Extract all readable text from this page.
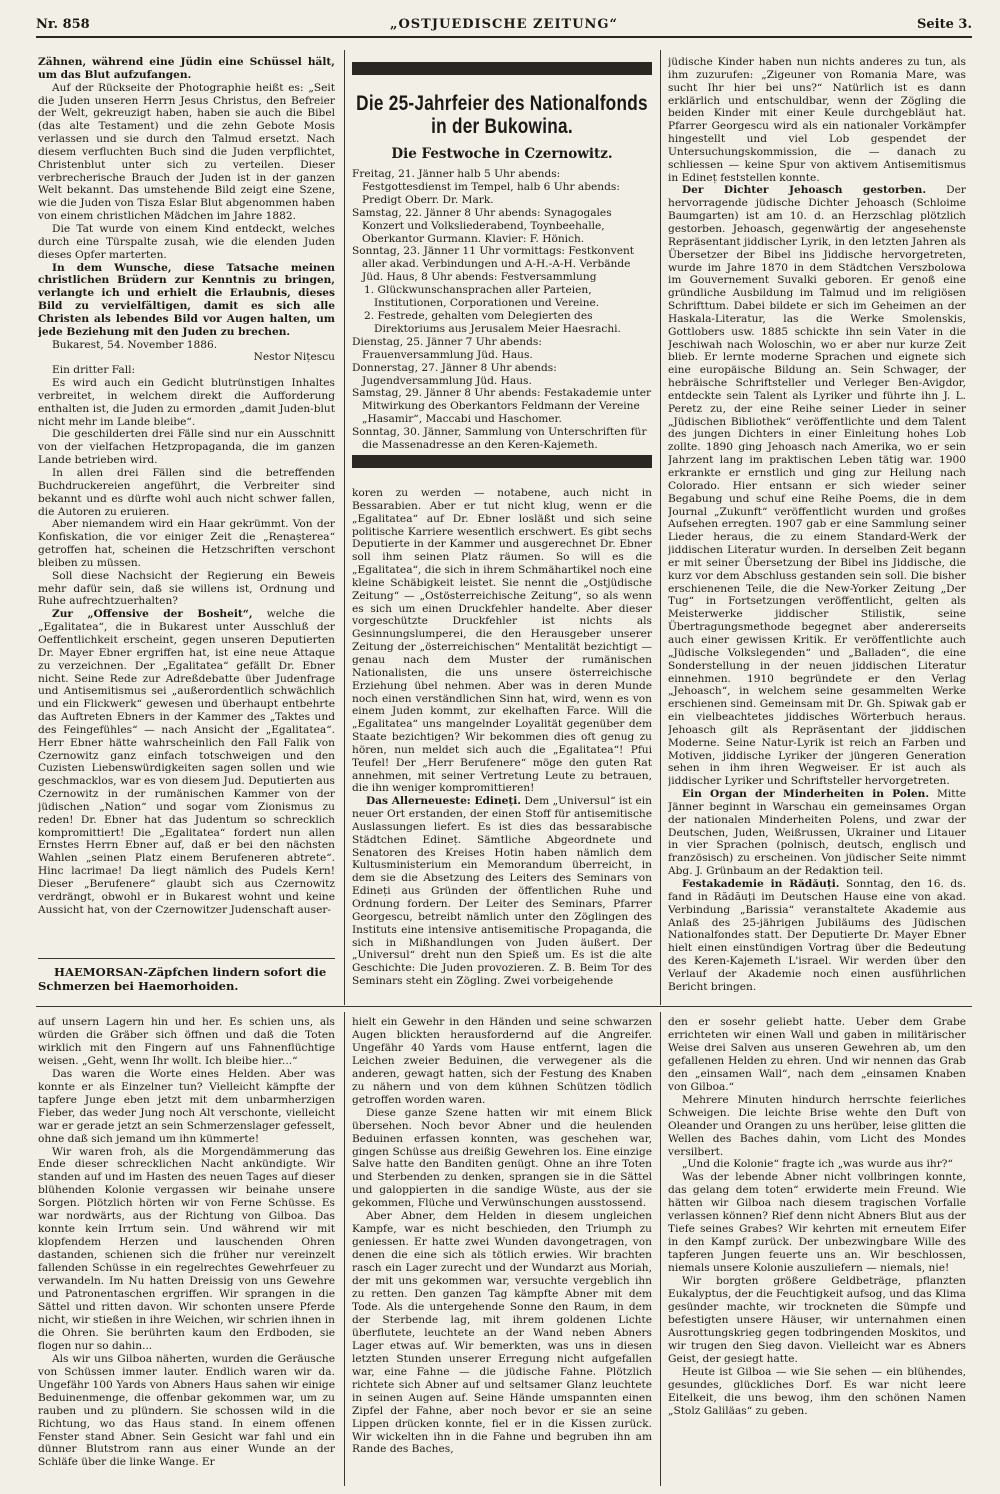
Nr. 858	„OSTJUEDISCHE ZEITUNG“	Seite 3.

Zähnen, während eine Jüdin eine Schüssel hält, um das Blut aufzufangen.

Auf der Rückseite der Photographie heißt es: „Seit die Juden unseren Herrn Jesus Christus, den Befreier der Welt, gekreuzigt haben, haben sie auch die Bibel (das alte Testament) und die zehn Gebote Mosis verlassen und sie durch den Talmud ersetzt. Nach diesem verfluchten Buch sind die Juden verpflichtet, Christenblut unter sich zu verteilen. Dieser verbrecherische Brauch der Juden ist in der ganzen Welt bekannt. Das umstehende Bild zeigt eine Szene, wie die Juden von Tisza Eslar Blut abgenommen haben von einem christlichen Mädchen im Jahre 1882.

Die Tat wurde von einem Kind entdeckt, welches durch eine Türspalte zusah, wie die elenden Juden dieses Opfer marterten.

In dem Wunsche, diese Tatsache meinen christlichen Brüdern zur Kenntnis zu bringen, verlangte ich und erhielt die Erlaubnis, dieses Bild zu vervielfältigen, damit es sich alle Christen als lebendes Bild vor Augen halten, um jede Beziehung mit den Juden zu brechen.

Bukarest, 54. November 1886.

Nestor Nițescu

Ein dritter Fall:

Es wird auch ein Gedicht blutrünstigen Inhaltes verbreitet, in welchem direkt die Aufforderung enthalten ist, die Juden zu ermorden „damit Juden-blut nicht mehr im Lande bleibe“.

Die geschilderten drei Fälle sind nur ein Ausschnitt von der vielfachen Hetzpropaganda, die im ganzen Lande betrieben wird.

In allen drei Fällen sind die betreffenden Buchdruckereien angeführt, die Verbreiter sind bekannt und es dürfte wohl auch nicht schwer fallen, die Autoren zu eruieren.

Aber niemandem wird ein Haar gekrümmt. Von der Konfiskation, die vor einiger Zeit die „Renașterea“ getroffen hat, scheinen die Hetzschriften verschont bleiben zu müssen.

Soll diese Nachsicht der Regierung ein Beweis mehr dafür sein, daß sie willens ist, Ordnung und Ruhe aufrechtzuerhalten?

Zur „Offensive der Bosheit“, welche die „Egalitatea“, die in Bukarest unter Ausschluß der Oeffentlichkeit erscheint, gegen unseren Deputierten Dr. Mayer Ebner ergriffen hat, ist eine neue Attaque zu verzeichnen. Der „Egalitatea“ gefällt Dr. Ebner nicht. Seine Rede zur Adreßdebatte über Judenfrage und Antisemitismus sei „außerordentlich schwächlich und ein Flickwerk“ gewesen und überhaupt entbehrte das Auftreten Ebners in der Kammer des „Taktes und des Feingefühles“ — nach Ansicht der „Egalitatea“. Herr Ebner hätte wahrscheinlich den Fall Falik von Czernowitz ganz einfach totschweigen und den Cuzisten Liebenswürdigkeiten sagen sollen und wie geschmacklos, war es von diesem Jud. Deputierten aus Czernowitz in der rumänischen Kammer von der jüdischen „Nation“ und sogar vom Zionismus zu reden! Dr. Ebner hat das Judentum so schrecklich kompromittiert! Die „Egalitatea“ fordert nun allen Ernstes Herrn Ebner auf, daß er bei den nächsten Wahlen „seinen Platz einem Berufeneren abtrete“. Hinc lacrimae! Da liegt nämlich des Pudels Kern! Dieser „Berufenere“ glaubt sich aus Czernowitz verdrängt, obwohl er in Bukarest wohnt und keine Aussicht hat, von der Czernowitzer Judenschaft auser-

HAEMORSAN-Zäpfchen lindern sofort die Schmerzen bei Haemorhoiden.
Die 25-Jahrfeier des Nationalfonds in der Bukowina.
Die Festwoche in Czernowitz.

Freitag, 21. Jänner halb 5 Uhr abends: Festgottesdienst im Tempel, halb 6 Uhr abends: Predigt Oberr. Dr. Mark.

Samstag, 22. Jänner 8 Uhr abends: Synagogales Konzert und Volksliederabend, Toynbeehalle, Oberkantor Gurmann. Klavier: F. Hönich.

Sonntag, 23. Jänner 11 Uhr vormittags: Festkonvent aller akad. Verbindungen und A-H.-A-H. Verbände Jüd. Haus, 8 Uhr abends: Festversammlung

1. Glückwunschansprachen aller Parteien, Institutionen, Corporationen und Vereine.

2. Festrede, gehalten vom Delegierten des Direktoriums aus Jerusalem Meier Haesrachi.

Dienstag, 25. Jänner 7 Uhr abends: Frauenversammlung Jüd. Haus.

Donnerstag, 27. Jänner 8 Uhr abends: Jugendversammlung Jüd. Haus.

Samstag, 29. Jänner 8 Uhr abends: Festakademie unter Mitwirkung des Oberkantors Feldmann der Vereine „Hasamir“, Maccabi und Haschomer.

Sonntag, 30. Jänner, Sammlung von Unterschriften für die Massenadresse an den Keren-Kajemeth.

koren zu werden — notabene, auch nicht in Bessarabien. Aber er tut nicht klug, wenn er die „Egalitatea“ auf Dr. Ebner losläßt und sich seine politische Karriere wesentlich erschwert. Es gibt sechs Deputierte in der Kammer und ausgerechnet Dr. Ebner soll ihm seinen Platz räumen. So will es die „Egalitatea“, die sich in ihrem Schmähartikel noch eine kleine Schäbigkeit leistet. Sie nennt die „Ostjüdische Zeitung“ — „Ostösterreichische Zeitung“, so als wenn es sich um einen Druckfehler handelte. Aber dieser vorgeschützte Druckfehler ist nichts als Gesinnungslumperei, die den Herausgeber unserer Zeitung der „österreichischen“ Mentalität bezichtigt — genau nach dem Muster der rumänischen Nationalisten, die uns unsere österreichische Erziehung übel nehmen. Aber was in deren Munde noch einen verständlichen Sinn hat, wird, wenn es von einem Juden kommt, zur ekelhaften Farce. Will die „Egalitatea“ uns mangelnder Loyalität gegenüber dem Staate bezichtigen? Wir bekommen dies oft genug zu hören, nun meldet sich auch die „Egalitatea“! Pfui Teufel! Der „Herr Berufenere“ möge den guten Rat annehmen, mit seiner Vertretung Leute zu betrauen, die ihn weniger kompromittieren!

Das Allerneueste: Edineți. Dem „Universul“ ist ein neuer Ort erstanden, der einen Stoff für antisemitische Auslassungen liefert. Es ist dies das bessarabische Städtchen Edineț. Sämtliche Abgeordnete und Senatoren des Kreises Hotin haben nämlich dem Kultusministerium ein Memorandum überreicht, in dem sie die Absetzung des Leiters des Seminars von Edineți aus Gründen der öffentlichen Ruhe und Ordnung fordern. Der Leiter des Seminars, Pfarrer Georgescu, betreibt nämlich unter den Zöglingen des Instituts eine intensive antisemitische Propaganda, die sich in Mißhandlungen von Juden äußert. Der „Universul“ dreht nun den Spieß um. Es ist die alte Geschichte: Die Juden provozieren. Z. B. Beim Tor des Seminars steht ein Zögling. Zwei vorbeigehende

jüdische Kinder haben nun nichts anderes zu tun, als ihm zuzurufen: „Zigeuner von Romania Mare, was sucht Ihr hier bei uns?“ Natürlich ist es dann erklärlich und entschuldbar, wenn der Zögling die beiden Kinder mit einer Keule durchgebläut hat. Pfarrer Georgescu wird als ein nationaler Vorkämpfer hingestellt und viel Lob gespendet der Untersuchungskommission, die — danach zu schliessen — keine Spur von aktivem Antisemitismus in Edineț feststellen konnte.

Der Dichter Jehoasch gestorben. Der hervorragende jüdische Dichter Jehoasch (Schloime Baumgarten) ist am 10. d. an Herzschlag plötzlich gestorben. Jehoasch, gegenwärtig der angesehenste Repräsentant jiddischer Lyrik, in den letzten Jahren als Übersetzer der Bibel ins Jiddische hervorgetreten, wurde im Jahre 1870 in dem Städtchen Verszbolowa im Gouvernement Suvalki geboren. Er genoß eine gründliche Ausbildung im Talmud und im religiösen Schrifttum. Dabei bildete er sich im Geheimen an der Haskala-Literatur, las die Werke Smolenskis, Gottlobers usw. 1885 schickte ihn sein Vater in die Jeschiwah nach Woloschin, wo er aber nur kurze Zeit blieb. Er lernte moderne Sprachen und eignete sich eine europäische Bildung an. Sein Schwager, der hebräische Schriftsteller und Verleger Ben-Avigdor, entdeckte sein Talent als Lyriker und führte ihn J. L. Peretz zu, der eine Reihe seiner Lieder in seiner „Jüdischen Bibliothek“ veröffentlichte und dem Talent des jungen Dichters in einer Einleitung hohes Lob zollte. 1890 ging Jehoasch nach Amerika, wo er sein Jahrzent lang im praktischen Leben tätig war. 1900 erkrankte er ernstlich und ging zur Heilung nach Colorado. Hier entsann er sich wieder seiner Begabung und schuf eine Reihe Poems, die in dem Journal „Zukunft“ veröffentlicht wurden und großes Aufsehen erregten. 1907 gab er eine Sammlung seiner Lieder heraus, die zu einem Standard-Werk der jiddischen Literatur wurden. In derselben Zeit begann er mit seiner Übersetzung der Bibel ins Jiddische, die kurz vor dem Abschluss gestanden sein soll. Die bisher erschienenen Teile, die die New-Yorker Zeitung „Der Tug“ in Fortsetzungen veröffentlicht, gelten als Meisterwerke jiddischer Stilistik, seine Übertragungsmethode begegnet aber andererseits auch einer gewissen Kritik. Er veröffentlichte auch „Jüdische Volkslegenden“ und „Balladen“, die eine Sonderstellung in der neuen jiddischen Literatur einnehmen. 1910 begründete er den Verlag „Jehoasch“, in welchem seine gesammelten Werke erschienen sind. Gemeinsam mit Dr. Gh. Spiwak gab er ein vielbeachtetes jiddisches Wörterbuch heraus. Jehoasch gilt als Repräsentant der jiddischen Moderne. Seine Natur-Lyrik ist reich an Farben und Motiven, jiddische Lyriker der jüngeren Generation sehen in ihm ihren Wegweiser. Er ist auch als jiddischer Lyriker und Schriftsteller hervorgetreten.

Ein Organ der Minderheiten in Polen. Mitte Jänner beginnt in Warschau ein gemeinsames Organ der nationalen Minderheiten Polens, und zwar der Deutschen, Juden, Weißrussen, Ukrainer und Litauer in vier Sprachen (polnisch, deutsch, englisch und französisch) zu erscheinen. Von jüdischer Seite nimmt Abg. J. Grünbaum an der Redaktion teil.

Festakademie in Rădăuți. Sonntag, den 16. ds. fand in Rădăuți im Deutschen Hause eine von akad. Verbindung „Barissia“ veranstaltete Akademie aus Anlaß des 25-jährigen Jubiläums des Jüdischen Nationalfondes statt. Der Deputierte Dr. Mayer Ebner hielt einen einstündigen Vortrag über die Bedeutung des Keren-Kajemeth L'israel. Wir werden über den Verlauf der Akademie noch einen ausführlichen Bericht bringen.

auf unsern Lagern hin und her. Es schien uns, als würden die Gräber sich öffnen und daß die Toten wirklich mit den Fingern auf uns Fahnenflüchtige weisen. „Geht, wenn Ihr wollt. Ich bleibe hier...“

Das waren die Worte eines Helden. Aber was konnte er als Einzelner tun? Vielleicht kämpfte der tapfere Junge eben jetzt mit dem unbarmherzigen Fieber, das weder Jung noch Alt verschonte, vielleicht war er gerade jetzt an sein Schmerzenslager gefesselt, ohne daß sich jemand um ihn kümmerte!

Wir waren froh, als die Morgendämmerung das Ende dieser schrecklichen Nacht ankündigte. Wir standen auf und im Hasten des neuen Tages auf dieser blühenden Kolonie vergassen wir beinahe unsere Sorgen. Plötzlich hörten wir von Ferne Schüsse. Es war nordwärts, aus der Richtung von Gilboa. Das konnte kein Irrtum sein. Und während wir mit klopfendem Herzen und lauschenden Ohren dastanden, schienen sich die früher nur vereinzelt fallenden Schüsse in ein regelrechtes Gewehrfeuer zu verwandeln. Im Nu hatten Dreissig von uns Gewehre und Patronentaschen ergriffen. Wir sprangen in die Sättel und ritten davon. Wir schonten unsere Pferde nicht, wir stießen in ihre Weichen, wir schrien ihnen in die Ohren. Sie berührten kaum den Erdboden, sie flogen nur so dahin...

Als wir uns Gilboa näherten, wurden die Geräusche von Schüssen immer lauter. Endlich waren wir da. Ungefähr 100 Yards von Abners Haus sahen wir einige Beduinenmenge, die offenbar gekommen war, um zu rauben und zu plündern. Sie schossen wild in die Richtung, wo das Haus stand. In einem offenen Fenster stand Abner. Sein Gesicht war fahl und ein dünner Blutstrom rann aus einer Wunde an der Schläfe über die linke Wange. Er

hielt ein Gewehr in den Händen und seine schwarzen Augen blickten herausfordernd auf die Angreifer. Ungefähr 40 Yards vom Hause entfernt, lagen die Leichen zweier Beduinen, die verwegener als die anderen, gewagt hatten, sich der Festung des Knaben zu nähern und von dem kühnen Schützen tödlich getroffen worden waren.

Diese ganze Szene hatten wir mit einem Blick übersehen. Noch bevor Abner und die heulenden Beduinen erfassen konnten, was geschehen war, gingen Schüsse aus dreißig Gewehren los. Eine einzige Salve hatte den Banditen genügt. Ohne an ihre Toten und Sterbenden zu denken, sprangen sie in die Sättel und galoppierten in die sandige Wüste, aus der sie gekommen, Flüche und Verwünschungen ausstossend.

Aber Abner, dem Helden in diesem ungleichen Kampfe, war es nicht beschieden, den Triumph zu geniessen. Er hatte zwei Wunden davongetragen, von denen die eine sich als tötlich erwies. Wir brachten rasch ein Lager zurecht und der Wundarzt aus Moriah, der mit uns gekommen war, versuchte vergeblich ihn zu retten. Den ganzen Tag kämpfte Abner mit dem Tode. Als die untergehende Sonne den Raum, in dem der Sterbende lag, mit ihrem goldenen Lichte überflutete, leuchtete an der Wand neben Abners Lager etwas auf. Wir bemerkten, was uns in diesen letzten Stunden unserer Erregung nicht aufgefallen war, eine Fahne — die jüdische Fahne. Plötzlich richtete sich Abner auf und seltsamer Glanz leuchtete in seinen Augen auf. Seine Hände umspannten einen Zipfel der Fahne, aber noch bevor er sie an seine Lippen drücken konnte, fiel er in die Kissen zurück. Wir wickelten ihn in die Fahne und begruben ihn am Rande des Baches,

den er sosehr geliebt hatte. Ueber dem Grabe errichteten wir einen Wall und gaben in militärischer Weise drei Salven aus unseren Gewehren ab, um den gefallenen Helden zu ehren. Und wir nennen das Grab den „einsamen Wall“, nach dem „einsamen Knaben von Gilboa.“

Mehrere Minuten hindurch herrschte feierliches Schweigen. Die leichte Brise wehte den Duft von Oleander und Orangen zu uns herüber, leise glitten die Wellen des Baches dahin, vom Licht des Mondes versilbert.

„Und die Kolonie“ fragte ich „was wurde aus ihr?“

Was der lebende Abner nicht vollbringen konnte, das gelang dem toten“ erwiderte mein Freund. Wie hätten wir Gilboa nach diesem tragischen Vorfalle verlassen können? Rief denn nicht Abners Blut aus der Tiefe seines Grabes? Wir kehrten mit erneutem Eifer in den Kampf zurück. Der unbezwingbare Wille des tapferen Jungen feuerte uns an. Wir beschlossen, niemals unsere Kolonie auszuliefern — niemals, nie!

Wir borgten größere Geldbeträge, pflanzten Eukalyptus, der die Feuchtigkeit aufsog, und das Klima gesünder machte, wir trockneten die Sümpfe und befestigten unsere Häuser, wir unternahmen einen Ausrottungskrieg gegen todbringenden Moskitos, und wir trugen den Sieg davon. Vielleicht war es Abners Geist, der gesiegt hatte.

Heute ist Gilboa — wie Sie sehen — ein blühendes, gesundes, glückliches Dorf. Es war nicht leere Eitelkeit, die uns bewog, ihm den schönen Namen „Stolz Galiläas“ zu geben.
